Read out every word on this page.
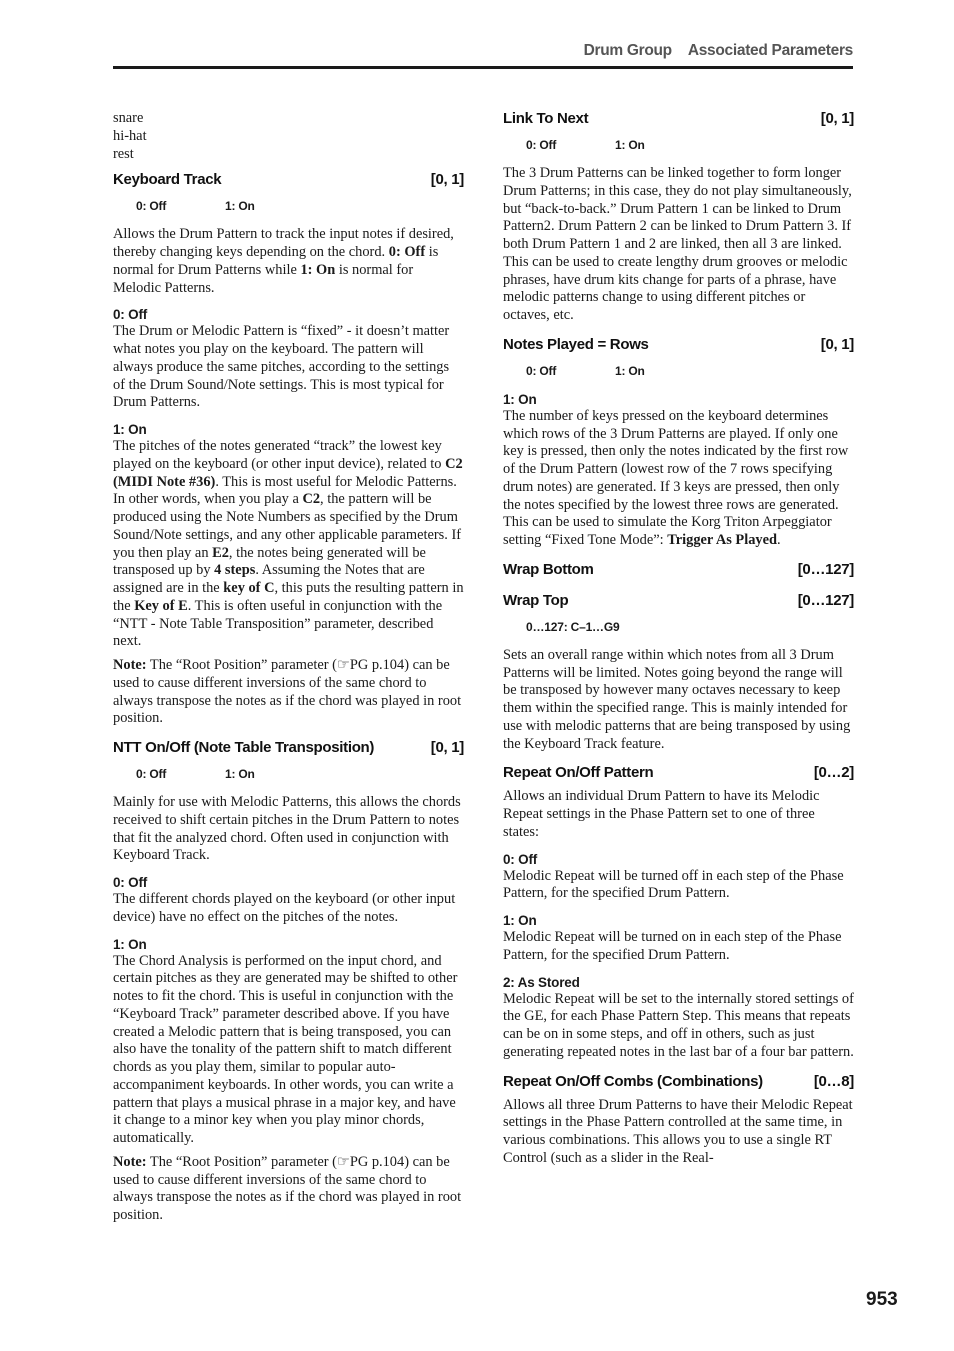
Drum Group Associated Parameters

snare

hi-hat

rest

Keyboard Track	[0, 1]
0: Off	1: On

Allows the Drum Pattern to track the input notes if desired, thereby changing keys depending on the chord. 0: Off is normal for Drum Patterns while 1: On is normal for Melodic Patterns.

0: Off

The Drum or Melodic Pattern is “fixed” - it doesn’t matter what notes you play on the keyboard. The pattern will always produce the same pitches, according to the settings of the Drum Sound/Note settings. This is most typical for Drum Patterns.

1: On

The pitches of the notes generated “track” the lowest key played on the keyboard (or other input device), related to C2 (MIDI Note #36). This is most useful for Melodic Patterns. In other words, when you play a C2, the pattern will be produced using the Note Numbers as specified by the Drum Sound/Note settings, and any other applicable parameters. If you then play an E2, the notes being generated will be transposed up by 4 steps. Assuming the Notes that are assigned are in the key of C, this puts the resulting pattern in the Key of E. This is often useful in conjunction with the “NTT - Note Table Transposition” parameter, described next.

Note: The “Root Position” parameter (☞PG p.104) can be used to cause different inversions of the same chord to always transpose the notes as if the chord was played in root position.

NTT On/Off (Note Table Transposition)	[0, 1]
0: Off	1: On

Mainly for use with Melodic Patterns, this allows the chords received to shift certain pitches in the Drum Pattern to notes that fit the analyzed chord. Often used in conjunction with Keyboard Track.

0: Off

The different chords played on the keyboard (or other input device) have no effect on the pitches of the notes.

1: On

The Chord Analysis is performed on the input chord, and certain pitches as they are generated may be shifted to other notes to fit the chord. This is useful in conjunction with the “Keyboard Track” parameter described above. If you have created a Melodic pattern that is being transposed, you can also have the tonality of the pattern shift to match different chords as you play them, similar to popular auto-accompaniment keyboards. In other words, you can write a pattern that plays a musical phrase in a major key, and have it change to a minor key when you play minor chords, automatically.

Note: The “Root Position” parameter (☞PG p.104) can be used to cause different inversions of the same chord to always transpose the notes as if the chord was played in root position.

Link To Next	[0, 1]
0: Off	1: On

The 3 Drum Patterns can be linked together to form longer Drum Patterns; in this case, they do not play simultaneously, but “back-to-back.” Drum Pattern 1 can be linked to Drum Pattern2. Drum Pattern 2 can be linked to Drum Pattern 3. If both Drum Pattern 1 and 2 are linked, then all 3 are linked. This can be used to create lengthy drum grooves or melodic phrases, have drum kits change for parts of a phrase, have melodic patterns change to using different pitches or octaves, etc.

Notes Played = Rows	[0, 1]
0: Off	1: On
1: On

The number of keys pressed on the keyboard determines which rows of the 3 Drum Patterns are played. If only one key is pressed, then only the notes indicated by the first row of the Drum Pattern (lowest row of the 7 rows specifying drum notes) are generated. If 3 keys are pressed, then only the notes specified by the lowest three rows are generated. This can be used to simulate the Korg Triton Arpeggiator setting “Fixed Tone Mode”: Trigger As Played.

Wrap Bottom	[0…127]
Wrap Top	[0…127]
0…127: C–1…G9

Sets an overall range within which notes from all 3 Drum Patterns will be limited. Notes going beyond the range will be transposed by however many octaves necessary to keep them within the specified range. This is mainly intended for use with melodic patterns that are being transposed by using the Keyboard Track feature.

Repeat On/Off Pattern	[0…2]

Allows an individual Drum Pattern to have its Melodic Repeat settings in the Phase Pattern set to one of three states:

0: Off

Melodic Repeat will be turned off in each step of the Phase Pattern, for the specified Drum Pattern.

1: On

Melodic Repeat will be turned on in each step of the Phase Pattern, for the specified Drum Pattern.

2: As Stored

Melodic Repeat will be set to the internally stored settings of the GE, for each Phase Pattern Step. This means that repeats can be on in some steps, and off in others, such as just generating repeated notes in the last bar of a four bar pattern.

Repeat On/Off Combs (Combinations)	[0…8]

Allows all three Drum Patterns to have their Melodic Repeat settings in the Phase Pattern controlled at the same time, in various combinations. This allows you to use a single RT Control (such as a slider in the Real-

953
